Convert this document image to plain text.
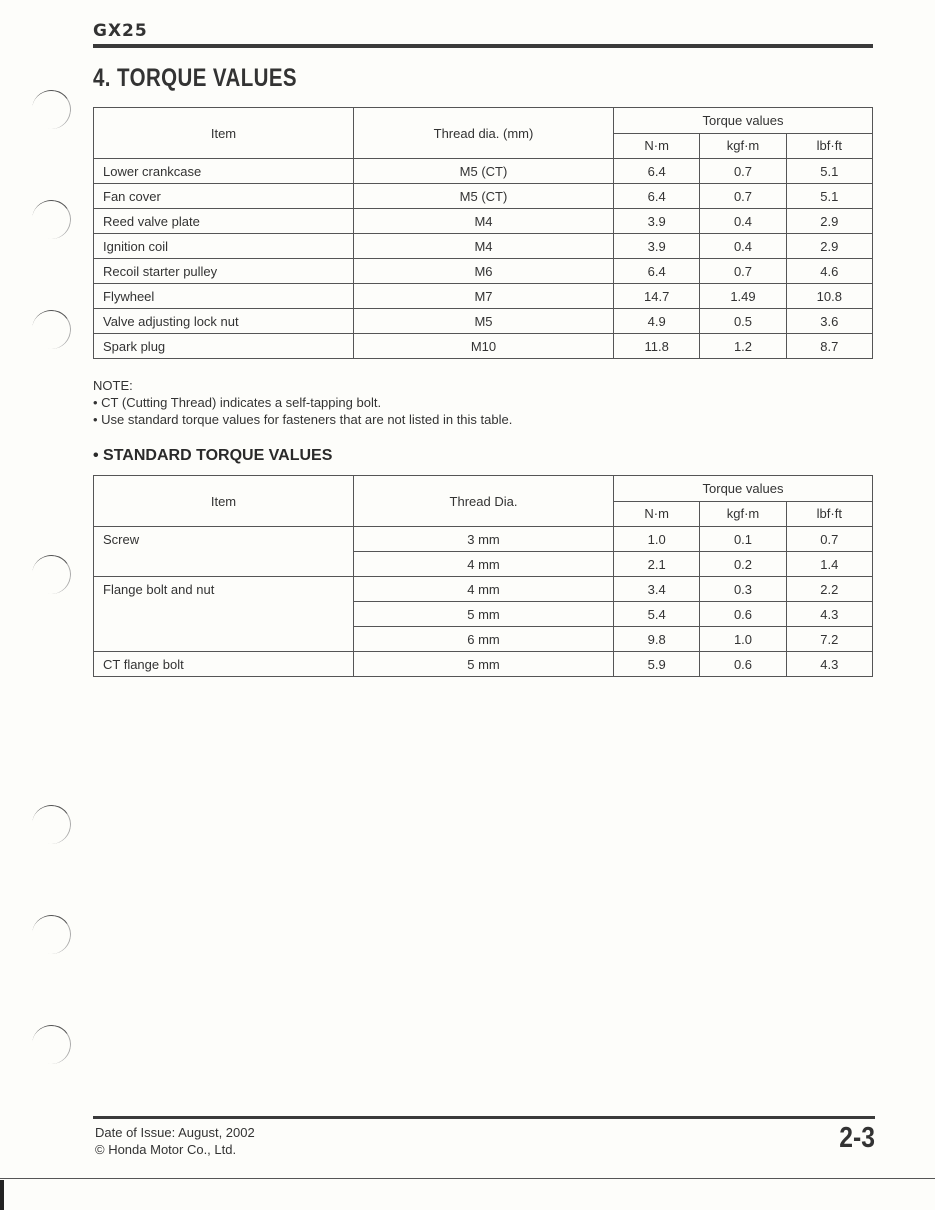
GX25
4. TORQUE VALUES
Item	Thread dia. (mm)	Torque values		
		N·m	kgf·m	lbf·ft
Lower crankcase	M5 (CT)	6.4	0.7	5.1
Fan cover	M5 (CT)	6.4	0.7	5.1
Reed valve plate	M4	3.9	0.4	2.9
Ignition coil	M4	3.9	0.4	2.9
Recoil starter pulley	M6	6.4	0.7	4.6
Flywheel	M7	14.7	1.49	10.8
Valve adjusting lock nut	M5	4.9	0.5	3.6
Spark plug	M10	11.8	1.2	8.7
NOTE:
• CT (Cutting Thread) indicates a self-tapping bolt.
• Use standard torque values for fasteners that are not listed in this table.
• STANDARD TORQUE VALUES
Item	Thread Dia.	Torque values		
		N·m	kgf·m	lbf·ft
Screw	3 mm	1.0	0.1	0.7
	4 mm	2.1	0.2	1.4
Flange bolt and nut	4 mm	3.4	0.3	2.2
	5 mm	5.4	0.6	4.3
	6 mm	9.8	1.0	7.2
CT flange bolt	5 mm	5.9	0.6	4.3
Date of Issue: August, 2002
© Honda Motor Co., Ltd.	2-3
